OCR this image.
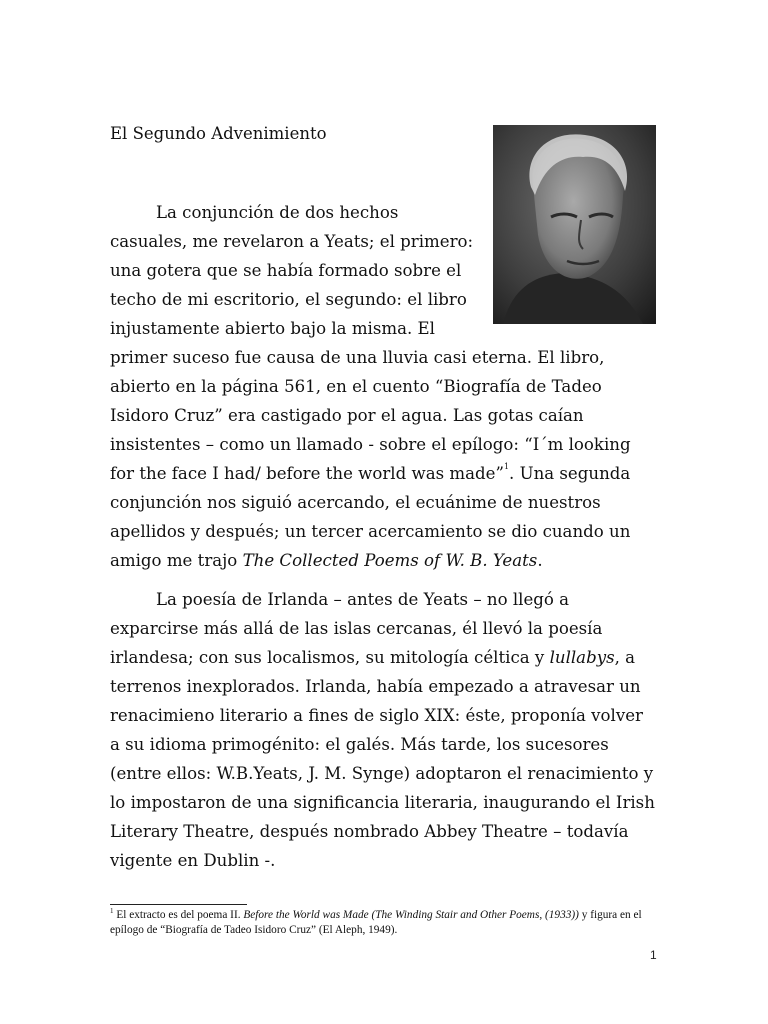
El Segundo Advenimiento

La conjunción de dos hechos casuales, me revelaron a Yeats; el primero: una gotera que se había formado sobre el techo de mi escritorio, el segundo: el libro injustamente abierto bajo la misma. El primer suceso fue causa de una lluvia casi eterna. El libro, abierto en la página 561, en el cuento “Biografía de Tadeo Isidoro Cruz” era castigado por el agua. Las gotas caían insistentes – como un llamado - sobre el epílogo: “I´m looking for the face I had/ before the world was made”$^1$. Una segunda conjunción nos siguió acercando, el ecuánime de nuestros apellidos y después; un tercer acercamiento se dio cuando un amigo me trajo The Collected Poems of W. B. Yeats.

La poesía de Irlanda – antes de Yeats – no llegó a exparcirse más allá de las islas cercanas, él llevó la poesía irlandesa; con sus localismos, su mitología céltica y lullabys, a terrenos inexplorados. Irlanda, había empezado a atravesar un renacimieno literario a fines de siglo XIX: éste, proponía volver a su idioma primogénito: el galés. Más tarde, los sucesores (entre ellos: W.B.Yeats, J. M. Synge) adoptaron el renacimiento y lo impostaron de una significancia literaria, inaugurando el Irish Literary Theatre, después nombrado Abbey Theatre – todavía vigente en Dublin -.

$^1$ El extracto es del poema II. Before the World was Made (The Winding Stair and Other Poems, (1933)) y figura en el epílogo de “Biografía de Tadeo Isidoro Cruz” (El Aleph, 1949).
1
